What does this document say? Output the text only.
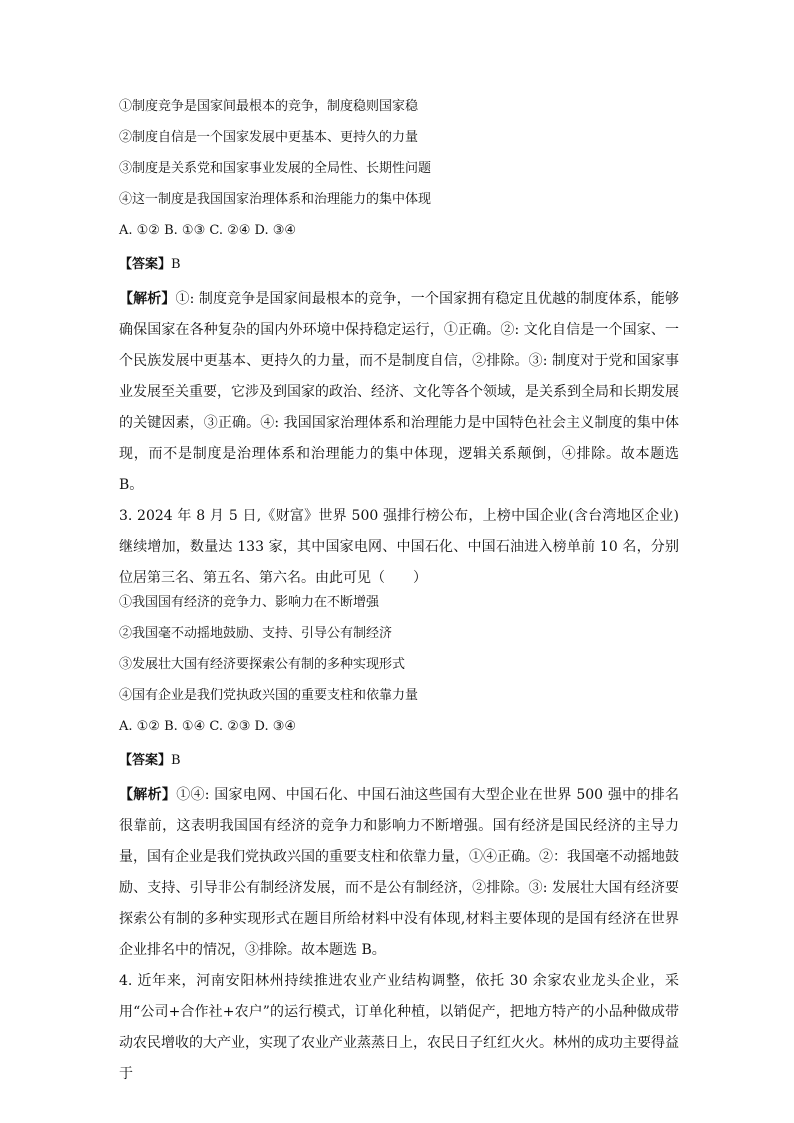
①制度竞争是国家间最根本的竞争，制度稳则国家稳

②制度自信是一个国家发展中更基本、更持久的力量

③制度是关系党和国家事业发展的全局性、长期性问题

④这一制度是我国国家治理体系和治理能力的集中体现

A. ①② B. ①③ C. ②④ D. ③④

【答案】B

【解析】①: 制度竞争是国家间最根本的竞争，一个国家拥有稳定且优越的制度体系，能够确保国家在各种复杂的国内外环境中保持稳定运行，①正确。②: 文化自信是一个国家、一个民族发展中更基本、更持久的力量，而不是制度自信，②排除。③: 制度对于党和国家事业发展至关重要，它涉及到国家的政治、经济、文化等各个领域，是关系到全局和长期发展的关键因素，③正确。④: 我国国家治理体系和治理能力是中国特色社会主义制度的集中体现，而不是制度是治理体系和治理能力的集中体现，逻辑关系颠倒，④排除。故本题选 B。

3. 2024 年 8 月 5 日,《财富》世界 500 强排行榜公布，上榜中国企业(含台湾地区企业)继续增加，数量达 133 家，其中国家电网、中国石化、中国石油进入榜单前 10 名，分别位居第三名、第五名、第六名。由此可见（　　）

①我国国有经济的竞争力、影响力在不断增强

②我国毫不动摇地鼓励、支持、引导公有制经济

③发展壮大国有经济要探索公有制的多种实现形式

④国有企业是我们党执政兴国的重要支柱和依靠力量

A. ①② B. ①④ C. ②③ D. ③④

【答案】B

【解析】①④: 国家电网、中国石化、中国石油这些国有大型企业在世界 500 强中的排名很靠前，这表明我国国有经济的竞争力和影响力不断增强。国有经济是国民经济的主导力量，国有企业是我们党执政兴国的重要支柱和依靠力量，①④正确。②：我国毫不动摇地鼓励、支持、引导非公有制经济发展，而不是公有制经济，②排除。③: 发展壮大国有经济要探索公有制的多种实现形式在题目所给材料中没有体现,材料主要体现的是国有经济在世界企业排名中的情况，③排除。故本题选 B。

4. 近年来，河南安阳林州持续推进农业产业结构调整，依托 30 余家农业龙头企业，采用“公司+合作社+农户”的运行模式，订单化种植，以销促产，把地方特产的小品种做成带动农民增收的大产业，实现了农业产业蒸蒸日上，农民日子红红火火。林州的成功主要得益于
